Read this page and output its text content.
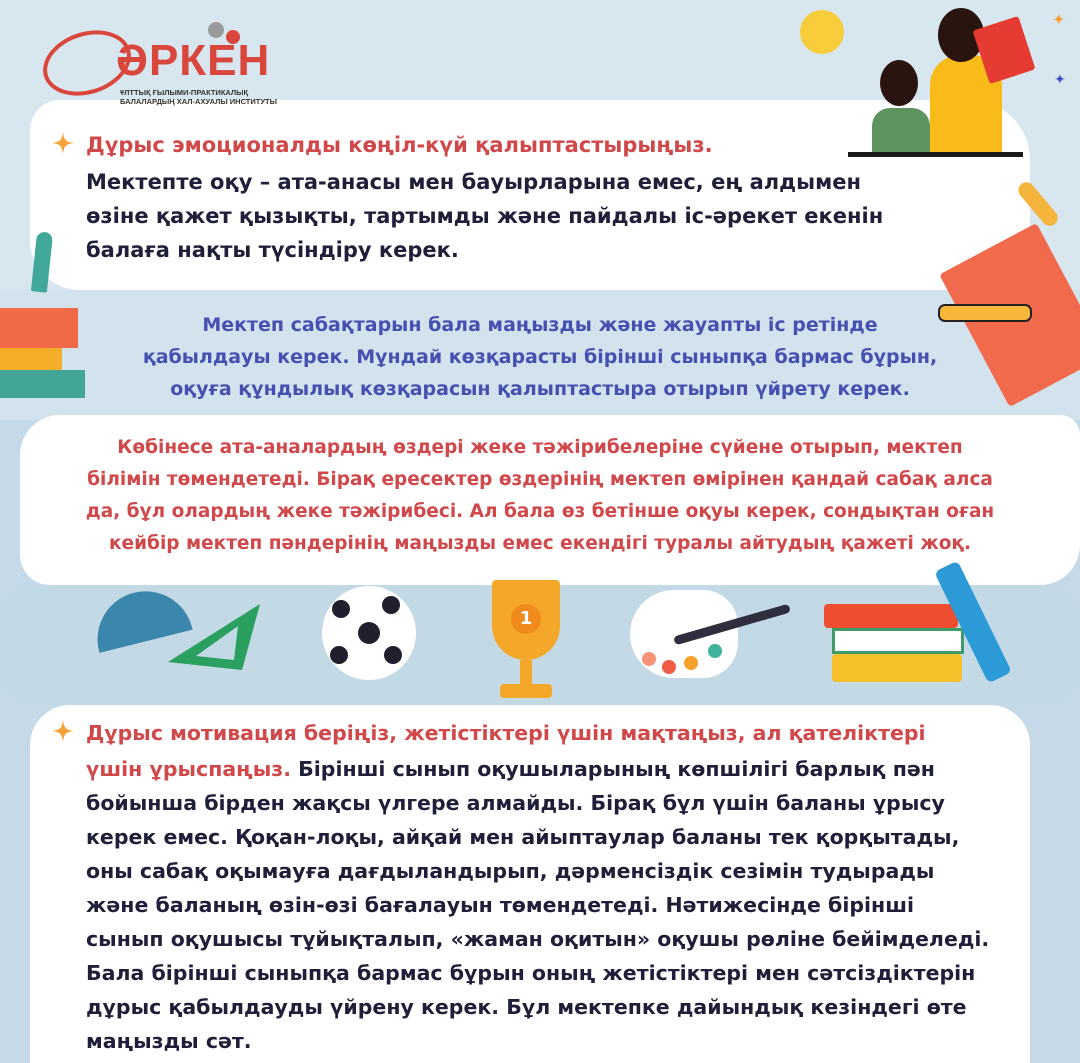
ӘРКЕН
ҰЛТТЫҚ ҒЫЛЫМИ-ПРАКТИКАЛЫҚ
БАЛАЛАРДЫҢ ХАЛ-АХУАЛЫ ИНСТИТУТЫ
✦
✦
Дұрыс эмоционалды көңіл-күй қалыптастырыңыз.
Мектепте оқу – ата-анасы мен бауырларына емес, ең алдымен
өзіне қажет қызықты, тартымды және пайдалы іс-әрекет екенін
балаға нақты түсіндіру керек.
Мектеп сабақтарын бала маңызды және жауапты іс ретінде
қабылдауы керек. Мұндай көзқарасты бірінші сыныпқа бармас бұрын,
оқуға құндылық көзқарасын қалыптастыра отырып үйрету керек.
Көбінесе ата-аналардың өздері жеке тәжірибелеріне сүйене отырып, мектеп
білімін төмендетеді. Бірақ ересектер өздерінің мектеп өмірінен қандай сабақ алса
да, бұл олардың жеке тәжірибесі. Ал бала өз бетінше оқуы керек, сондықтан оған
кейбір мектеп пәндерінің маңызды емес екендігі туралы айтудың қажеті жоқ.
1
Дұрыс мотивация беріңіз, жетістіктері үшін мақтаңыз, ал қателіктері
үшін ұрыспаңыз. Бірінші сынып оқушыларының көпшілігі барлық пән
бойынша бірден жақсы үлгере алмайды. Бірақ бұл үшін баланы ұрысу
керек емес. Қоқан-лоқы, айқай мен айыптаулар баланы тек қорқытады,
оны сабақ оқымауға дағдыландырып, дәрменсіздік сезімін тудырады
және баланың өзін-өзі бағалауын төмендетеді. Нәтижесінде бірінші
сынып оқушысы тұйықталып, «жаман оқитын» оқушы рөліне бейімделеді.
Бала бірінші сыныпқа бармас бұрын оның жетістіктері мен сәтсіздіктерін
дұрыс қабылдауды үйрену керек. Бұл мектепке дайындық кезіндегі өте
маңызды сәт.
